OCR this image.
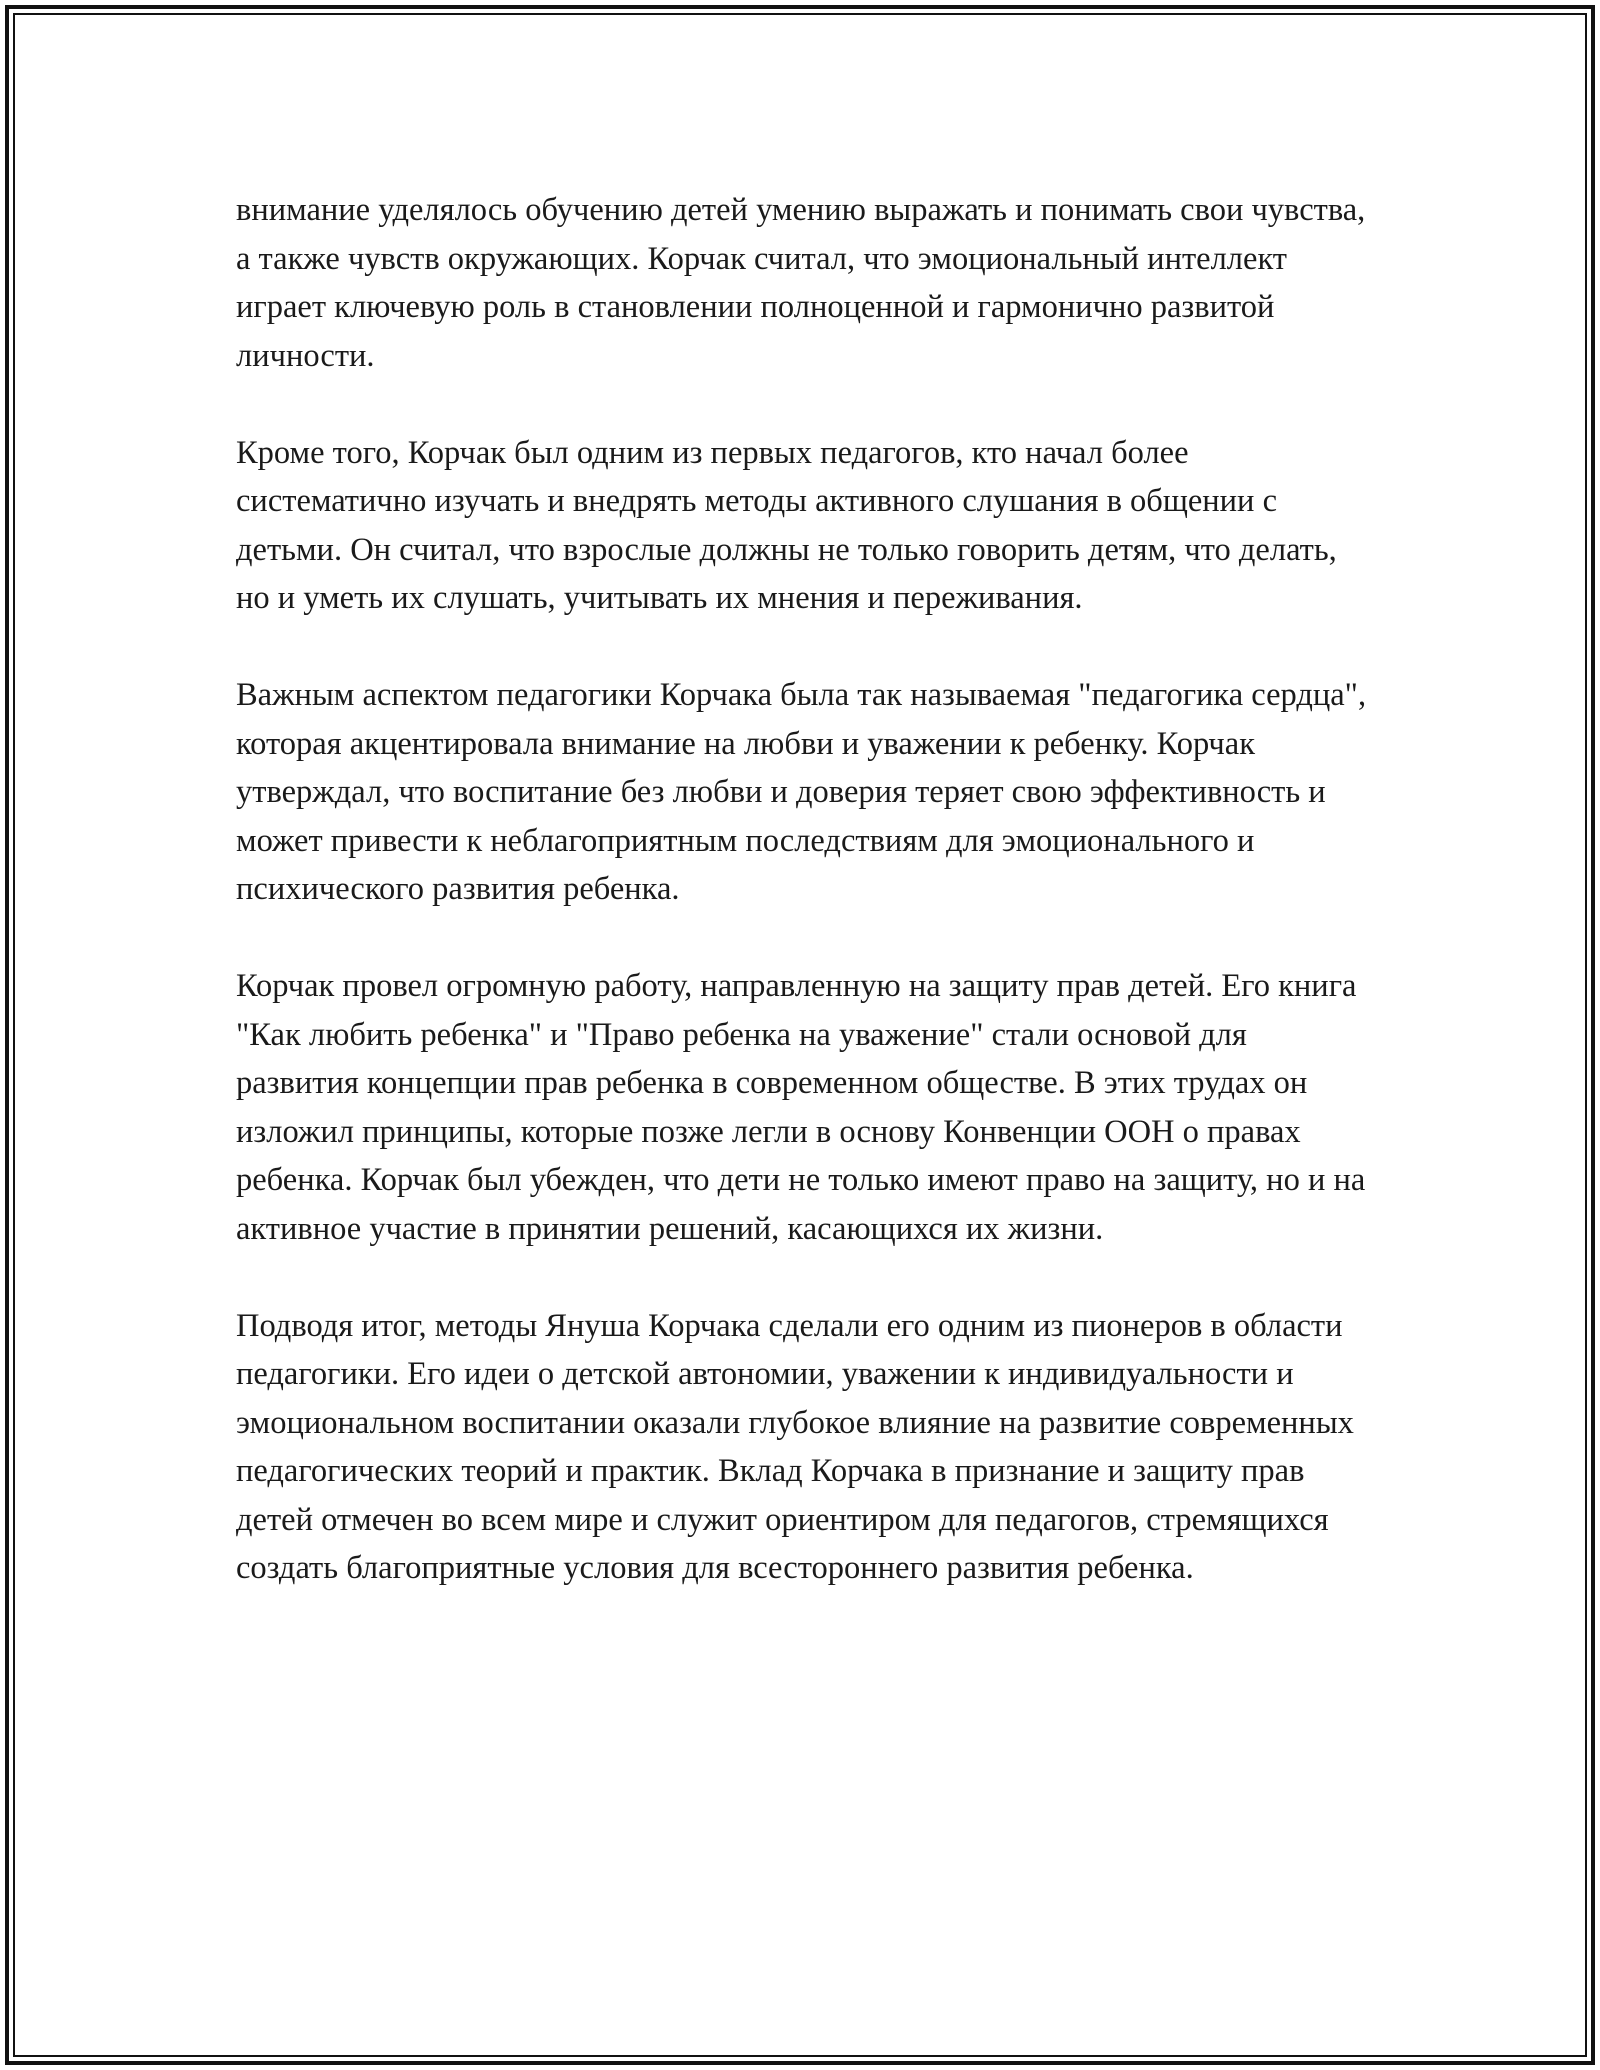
внимание уделялось обучению детей умению выражать и понимать свои чувства, а также чувств окружающих. Корчак считал, что эмоциональный интеллект играет ключевую роль в становлении полноценной и гармонично развитой личности.

Кроме того, Корчак был одним из первых педагогов, кто начал более систематично изучать и внедрять методы активного слушания в общении с детьми. Он считал, что взрослые должны не только говорить детям, что делать, но и уметь их слушать, учитывать их мнения и переживания.

Важным аспектом педагогики Корчака была так называемая "педагогика сердца", которая акцентировала внимание на любви и уважении к ребенку. Корчак утверждал, что воспитание без любви и доверия теряет свою эффективность и может привести к неблагоприятным последствиям для эмоционального и психического развития ребенка.

Корчак провел огромную работу, направленную на защиту прав детей. Его книга "Как любить ребенка" и "Право ребенка на уважение" стали основой для развития концепции прав ребенка в современном обществе. В этих трудах он изложил принципы, которые позже легли в основу Конвенции ООН о правах ребенка. Корчак был убежден, что дети не только имеют право на защиту, но и на активное участие в принятии решений, касающихся их жизни.

Подводя итог, методы Януша Корчака сделали его одним из пионеров в области педагогики. Его идеи о детской автономии, уважении к индивидуальности и эмоциональном воспитании оказали глубокое влияние на развитие современных педагогических теорий и практик. Вклад Корчака в признание и защиту прав детей отмечен во всем мире и служит ориентиром для педагогов, стремящихся создать благоприятные условия для всестороннего развития ребенка.
